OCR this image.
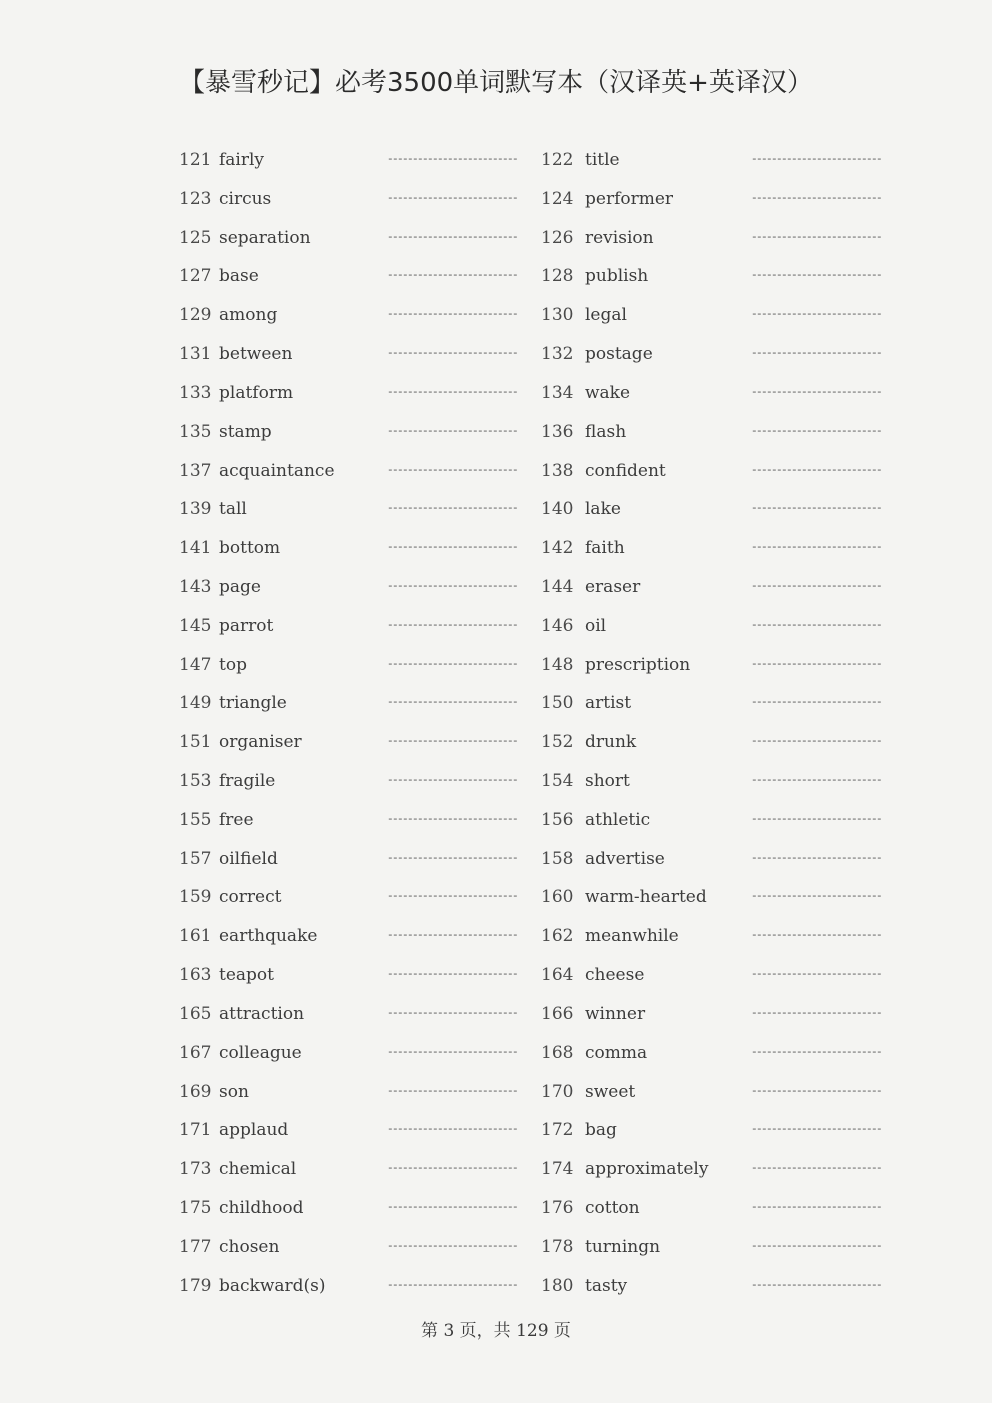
【暴雪秒记】必考3500单词默写本（汉译英+英译汉）
121 fairly	--------------------------	122 title	--------------------------
123 circus	--------------------------	124 performer	--------------------------
125 separation	--------------------------	126 revision	--------------------------
127 base	--------------------------	128 publish	--------------------------
129 among	--------------------------	130 legal	--------------------------
131 between	--------------------------	132 postage	--------------------------
133 platform	--------------------------	134 wake	--------------------------
135 stamp	--------------------------	136 flash	--------------------------
137 acquaintance	--------------------------	138 confident	--------------------------
139 tall	--------------------------	140 lake	--------------------------
141 bottom	--------------------------	142 faith	--------------------------
143 page	--------------------------	144 eraser	--------------------------
145 parrot	--------------------------	146 oil	--------------------------
147 top	--------------------------	148 prescription	--------------------------
149 triangle	--------------------------	150 artist	--------------------------
151 organiser	--------------------------	152 drunk	--------------------------
153 fragile	--------------------------	154 short	--------------------------
155 free	--------------------------	156 athletic	--------------------------
157 oilfield	--------------------------	158 advertise	--------------------------
159 correct	--------------------------	160 warm-hearted	--------------------------
161 earthquake	--------------------------	162 meanwhile	--------------------------
163 teapot	--------------------------	164 cheese	--------------------------
165 attraction	--------------------------	166 winner	--------------------------
167 colleague	--------------------------	168 comma	--------------------------
169 son	--------------------------	170 sweet	--------------------------
171 applaud	--------------------------	172 bag	--------------------------
173 chemical	--------------------------	174 approximately	--------------------------
175 childhood	--------------------------	176 cotton	--------------------------
177 chosen	--------------------------	178 turningn	--------------------------
179 backward(s)	--------------------------	180 tasty	--------------------------
第 3 页，共 129 页
